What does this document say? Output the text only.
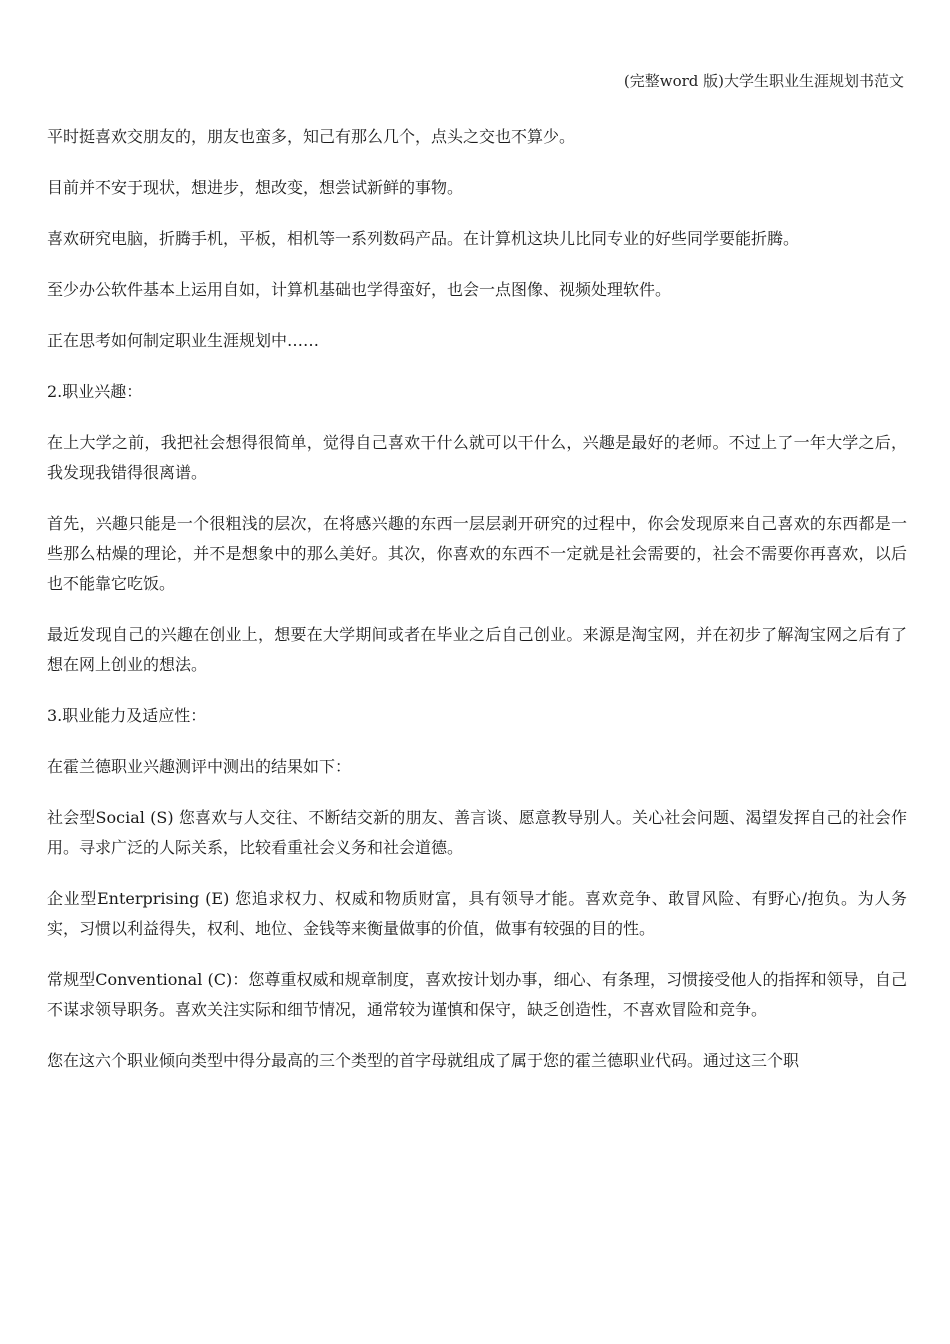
(完整word 版)大学生职业生涯规划书范文

平时挺喜欢交朋友的，朋友也蛮多，知己有那么几个，点头之交也不算少。

目前并不安于现状，想进步，想改变，想尝试新鲜的事物。

喜欢研究电脑，折腾手机，平板，相机等一系列数码产品。在计算机这块儿比同专业的好些同学要能折腾。

至少办公软件基本上运用自如，计算机基础也学得蛮好，也会一点图像、视频处理软件。

正在思考如何制定职业生涯规划中……

2.职业兴趣：

在上大学之前，我把社会想得很简单，觉得自己喜欢干什么就可以干什么，兴趣是最好的老师。不过上了一年大学之后，我发现我错得很离谱。

首先，兴趣只能是一个很粗浅的层次，在将感兴趣的东西一层层剥开研究的过程中，你会发现原来自己喜欢的东西都是一些那么枯燥的理论，并不是想象中的那么美好。其次，你喜欢的东西不一定就是社会需要的，社会不需要你再喜欢，以后也不能靠它吃饭。

最近发现自己的兴趣在创业上，想要在大学期间或者在毕业之后自己创业。来源是淘宝网，并在初步了解淘宝网之后有了想在网上创业的想法。

3.职业能力及适应性：

在霍兰德职业兴趣测评中测出的结果如下：

社会型Social (S) 您喜欢与人交往、不断结交新的朋友、善言谈、愿意教导别人。关心社会问题、渴望发挥自己的社会作用。寻求广泛的人际关系，比较看重社会义务和社会道德。

企业型Enterprising (E) 您追求权力、权威和物质财富，具有领导才能。喜欢竞争、敢冒风险、有野心/抱负。为人务实，习惯以利益得失，权利、地位、金钱等来衡量做事的价值，做事有较强的目的性。

常规型Conventional (C)：您尊重权威和规章制度，喜欢按计划办事，细心、有条理，习惯接受他人的指挥和领导，自己不谋求领导职务。喜欢关注实际和细节情况，通常较为谨慎和保守，缺乏创造性，不喜欢冒险和竞争。

您在这六个职业倾向类型中得分最高的三个类型的首字母就组成了属于您的霍兰德职业代码。通过这三个职
